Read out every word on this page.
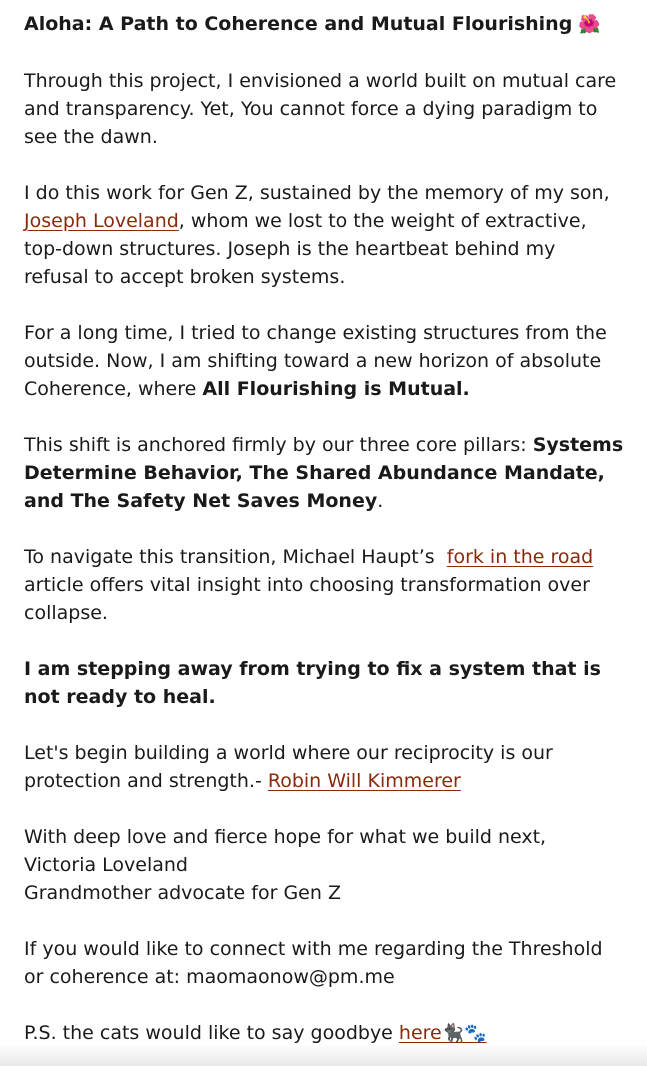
Aloha: A Path to Coherence and Mutual Flourishing 🌺

Through this project, I envisioned a world built on mutual care and transparency. Yet, You cannot force a dying paradigm to see the dawn.

I do this work for Gen Z, sustained by the memory of my son, Joseph Loveland, whom we lost to the weight of extractive, top-down structures. Joseph is the heartbeat behind my refusal to accept broken systems.

For a long time, I tried to change existing structures from the outside. Now, I am shifting toward a new horizon of absolute Coherence, where All Flourishing is Mutual.

This shift is anchored firmly by our three core pillars: Systems Determine Behavior, The Shared Abundance Mandate, and The Safety Net Saves Money.

To navigate this transition, Michael Haupt’s  fork in the road article offers vital insight into choosing transformation over collapse.

I am stepping away from trying to fix a system that is not ready to heal.

Let's begin building a world where our reciprocity is our protection and strength.- Robin Will Kimmerer

With deep love and fierce hope for what we build next,
Victoria Loveland
Grandmother advocate for Gen Z

If you would like to connect with me regarding the Threshold or coherence at: maomaonow@pm.me

P.S. the cats would like to say goodbye here🐈‍⬛🐾
